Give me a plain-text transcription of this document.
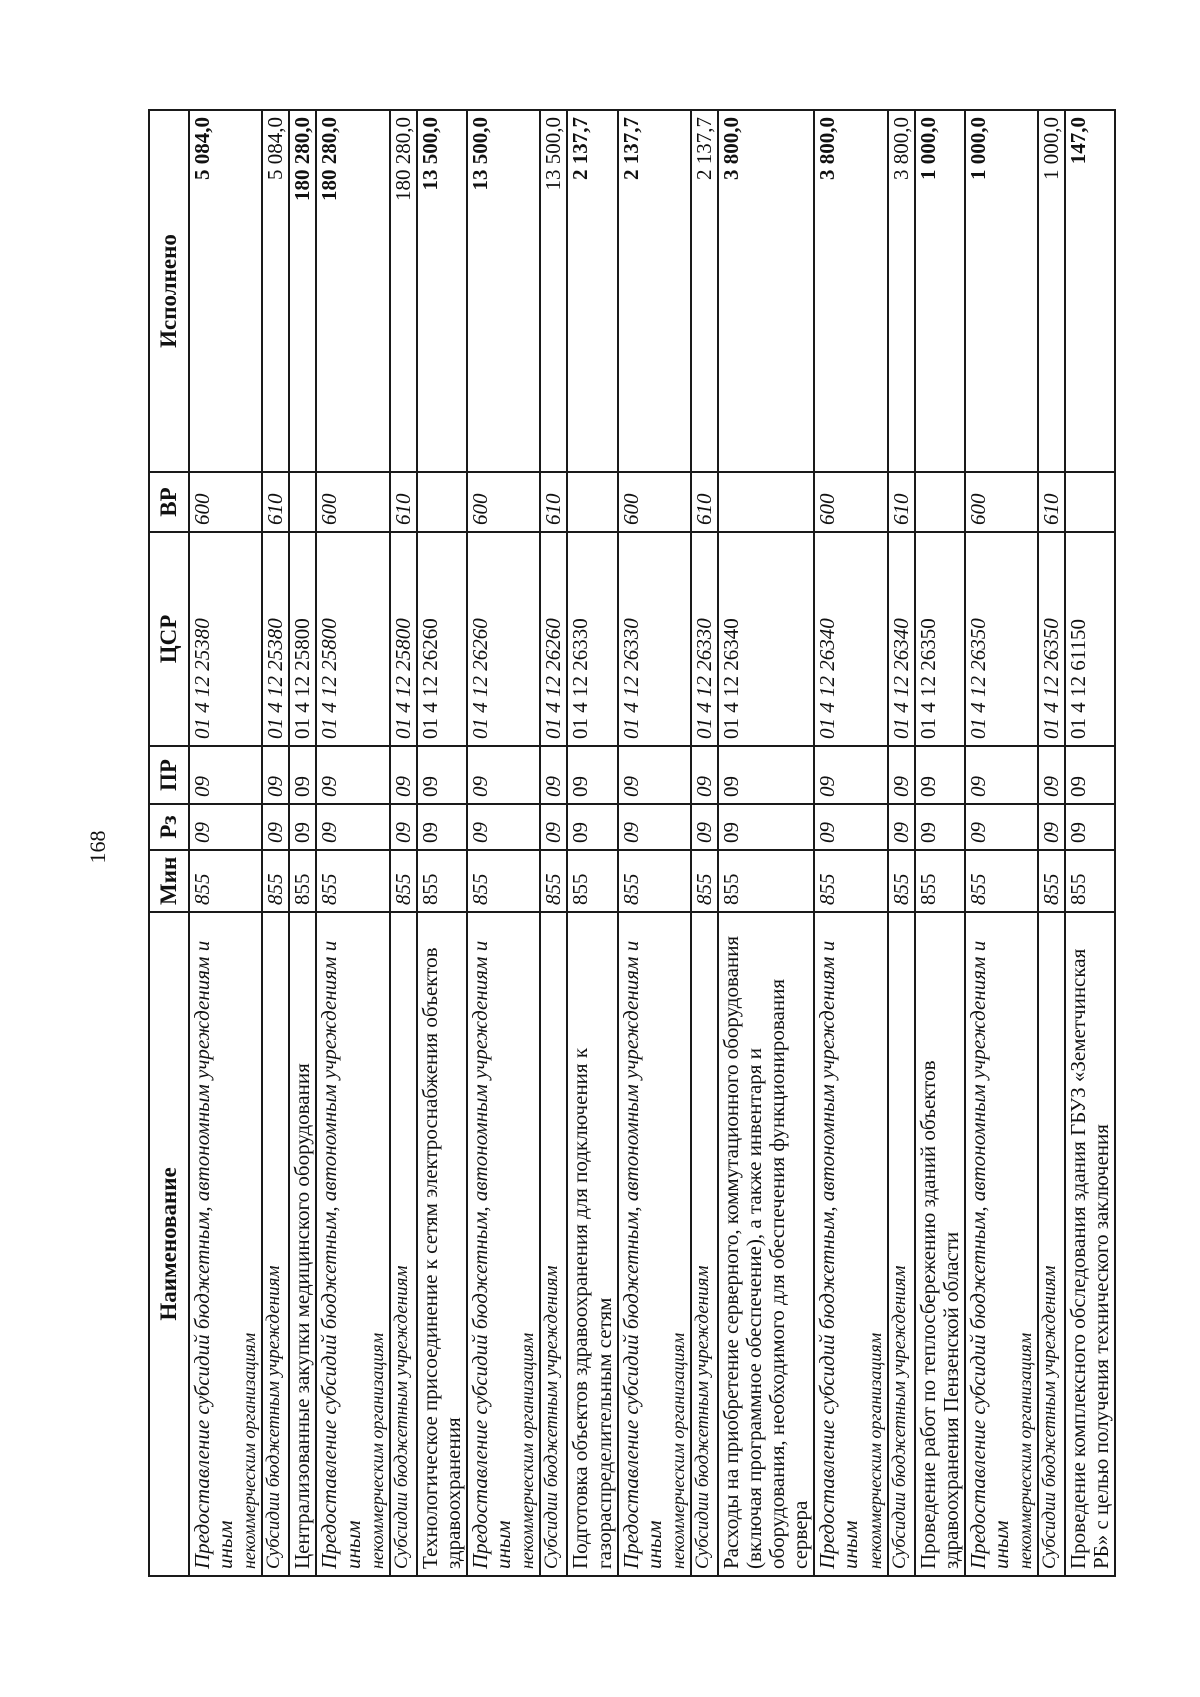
168
Наименование	Мин	Рз	ПР	ЦСР	ВР	Исполнено
Предоставление субсидий бюджетным, автономным учреждениям и иным некоммерческим организациям	855	09	09	01 4 12 25380	600	5 084,0
Субсидии бюджетным учреждениям	855	09	09	01 4 12 25380	610	5 084,0
Централизованные закупки медицинского оборудования	855	09	09	01 4 12 25800		180 280,0
Предоставление субсидий бюджетным, автономным учреждениям и иным некоммерческим организациям	855	09	09	01 4 12 25800	600	180 280,0
Субсидии бюджетным учреждениям	855	09	09	01 4 12 25800	610	180 280,0
Технологическое присоединение к сетям электроснабжения объектов здравоохранения	855	09	09	01 4 12 26260		13 500,0
Предоставление субсидий бюджетным, автономным учреждениям и иным некоммерческим организациям	855	09	09	01 4 12 26260	600	13 500,0
Субсидии бюджетным учреждениям	855	09	09	01 4 12 26260	610	13 500,0
Подготовка объектов здравоохранения для подключения к газораспределительным сетям	855	09	09	01 4 12 26330		2 137,7
Предоставление субсидий бюджетным, автономным учреждениям и иным некоммерческим организациям	855	09	09	01 4 12 26330	600	2 137,7
Субсидии бюджетным учреждениям	855	09	09	01 4 12 26330	610	2 137,7
Расходы на приобретение серверного, коммутационного оборудования (включая программное обеспечение), а также инвентаря и оборудования, необходимого для обеспечения функционирования сервера	855	09	09	01 4 12 26340		3 800,0
Предоставление субсидий бюджетным, автономным учреждениям и иным некоммерческим организациям	855	09	09	01 4 12 26340	600	3 800,0
Субсидии бюджетным учреждениям	855	09	09	01 4 12 26340	610	3 800,0
Проведение работ по теплосбережению зданий объектов здравоохранения Пензенской области	855	09	09	01 4 12 26350		1 000,0
Предоставление субсидий бюджетным, автономным учреждениям и иным некоммерческим организациям	855	09	09	01 4 12 26350	600	1 000,0
Субсидии бюджетным учреждениям	855	09	09	01 4 12 26350	610	1 000,0
Проведение комплексного обследования здания ГБУЗ «Земетчинская РБ» с целью получения технического заключения	855	09	09	01 4 12 61150		147,0
